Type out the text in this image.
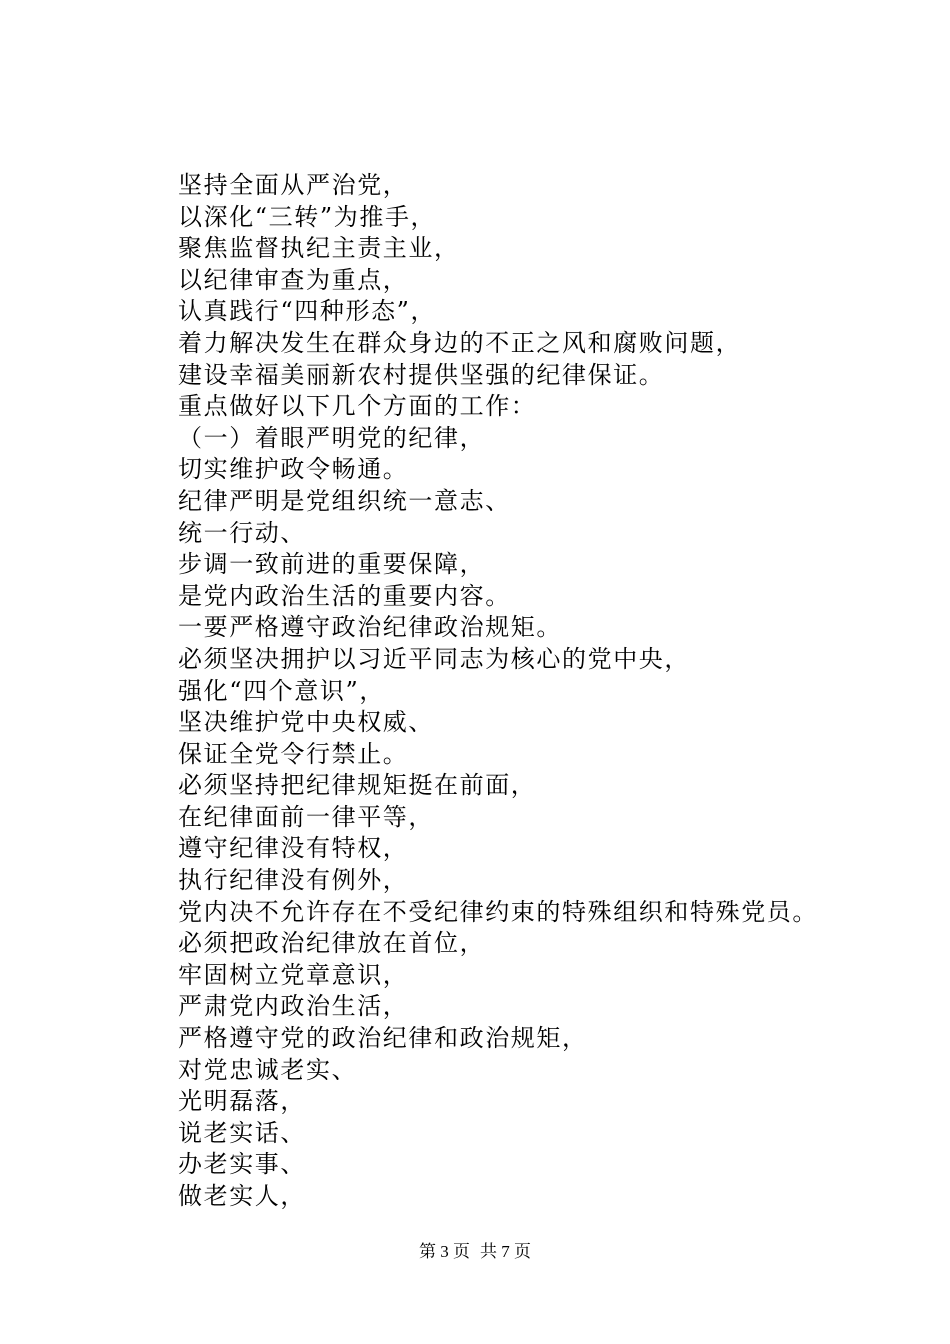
坚持全面从严治党，
以深化“三转”为推手，
聚焦监督执纪主责主业，
以纪律审查为重点，
认真践行“四种形态”，
着力解决发生在群众身边的不正之风和腐败问题，
建设幸福美丽新农村提供坚强的纪律保证。
重点做好以下几个方面的工作：
（一）着眼严明党的纪律，
切实维护政令畅通。
纪律严明是党组织统一意志、
统一行动、
步调一致前进的重要保障，
是党内政治生活的重要内容。
一要严格遵守政治纪律政治规矩。
必须坚决拥护以习近平同志为核心的党中央，
强化“四个意识”，
坚决维护党中央权威、
保证全党令行禁止。
必须坚持把纪律规矩挺在前面，
在纪律面前一律平等，
遵守纪律没有特权，
执行纪律没有例外，
党内决不允许存在不受纪律约束的特殊组织和特殊党员。
必须把政治纪律放在首位，
牢固树立党章意识，
严肃党内政治生活，
严格遵守党的政治纪律和政治规矩，
对党忠诚老实、
光明磊落，
说老实话、
办老实事、
做老实人，
第 3 页 共 7 页
